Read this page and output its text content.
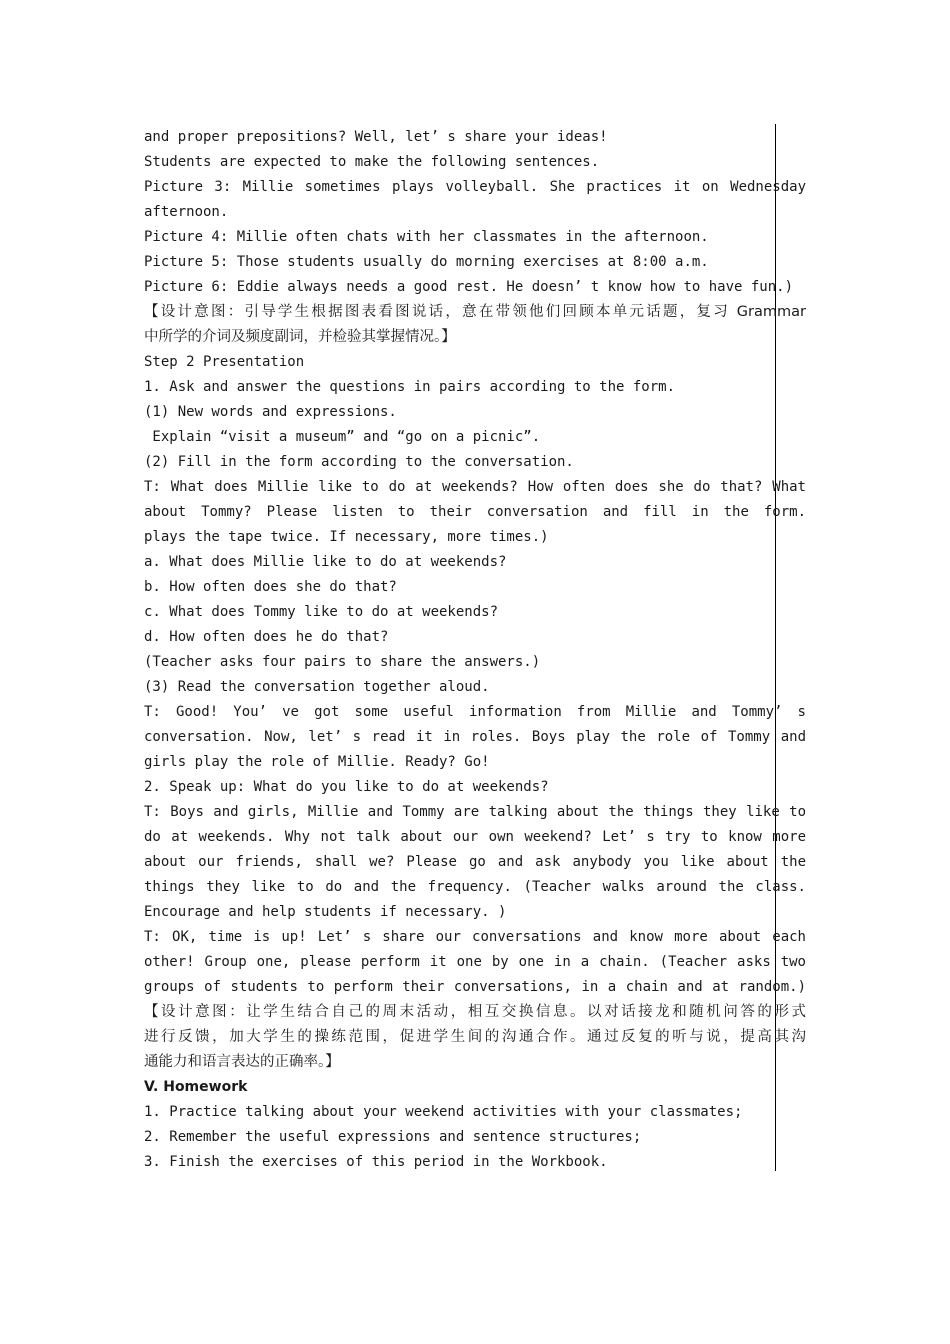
and proper prepositions? Well, let’ s share your ideas!
Students are expected to make the following sentences.
Picture 3: Millie sometimes plays volleyball. She practices it on Wednesday
afternoon.
Picture 4: Millie often chats with her classmates in the afternoon.
Picture 5: Those students usually do morning exercises at 8:00 a.m.
Picture 6: Eddie always needs a good rest. He doesn’ t know how to have fun.)
【设计意图：引导学生根据图表看图说话，意在带领他们回顾本单元话题，复习 Grammar
中所学的介词及频度副词，并检验其掌握情况。】
Step 2 Presentation
1. Ask and answer the questions in pairs according to the form.
(1) New words and expressions.
Explain “visit a museum” and “go on a picnic”.
(2) Fill in the form according to the conversation.
T: What does Millie like to do at weekends? How often does she do that? What
about Tommy? Please listen to their conversation and fill in the form.
plays the tape twice. If necessary, more times.)
a. What does Millie like to do at weekends?
b. How often does she do that?
c. What does Tommy like to do at weekends?
d. How often does he do that?
(Teacher asks four pairs to share the answers.)
(3) Read the conversation together aloud.
T: Good! You’ ve got some useful information from Millie and Tommy’ s
conversation. Now, let’ s read it in roles. Boys play the role of Tommy and
girls play the role of Millie. Ready? Go!
2. Speak up: What do you like to do at weekends?
T: Boys and girls, Millie and Tommy are talking about the things they like to
do at weekends. Why not talk about our own weekend? Let’ s try to know more
about our friends, shall we? Please go and ask anybody you like about the
things they like to do and the frequency. (Teacher walks around the class.
Encourage and help students if necessary. )
T: OK, time is up! Let’ s share our conversations and know more about each
other! Group one, please perform it one by one in a chain. (Teacher asks two
groups of students to perform their conversations, in a chain and at random.)
【设计意图：让学生结合自己的周末活动，相互交换信息。以对话接龙和随机问答的形式
进行反馈，加大学生的操练范围，促进学生间的沟通合作。通过反复的听与说，提高其沟
通能力和语言表达的正确率。】
V. Homework
1. Practice talking about your weekend activities with your classmates;
2. Remember the useful expressions and sentence structures;
3. Finish the exercises of this period in the Workbook.
